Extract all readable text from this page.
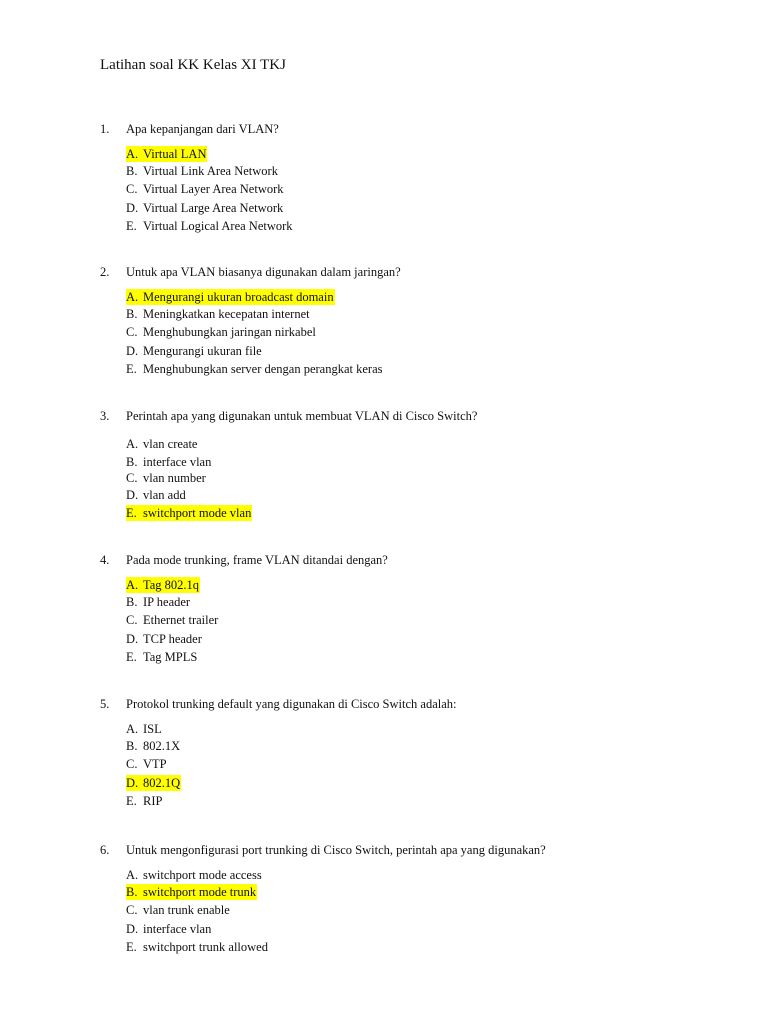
Latihan soal KK Kelas XI TKJ
1. Apa kepanjangan dari VLAN?
A. Virtual LAN
B. Virtual Link Area Network
C. Virtual Layer Area Network
D. Virtual Large Area Network
E. Virtual Logical Area Network
2. Untuk apa VLAN biasanya digunakan dalam jaringan?
A. Mengurangi ukuran broadcast domain
B. Meningkatkan kecepatan internet
C. Menghubungkan jaringan nirkabel
D. Mengurangi ukuran file
E. Menghubungkan server dengan perangkat keras
3. Perintah apa yang digunakan untuk membuat VLAN di Cisco Switch?
A. vlan create
B. interface vlan
C. vlan number
D. vlan add
E. switchport mode vlan
4. Pada mode trunking, frame VLAN ditandai dengan?
A. Tag 802.1q
B. IP header
C. Ethernet trailer
D. TCP header
E. Tag MPLS
5. Protokol trunking default yang digunakan di Cisco Switch adalah:
A. ISL
B. 802.1X
C. VTP
D. 802.1Q
E. RIP
6. Untuk mengonfigurasi port trunking di Cisco Switch, perintah apa yang digunakan?
A. switchport mode access
B. switchport mode trunk
C. vlan trunk enable
D. interface vlan
E. switchport trunk allowed
